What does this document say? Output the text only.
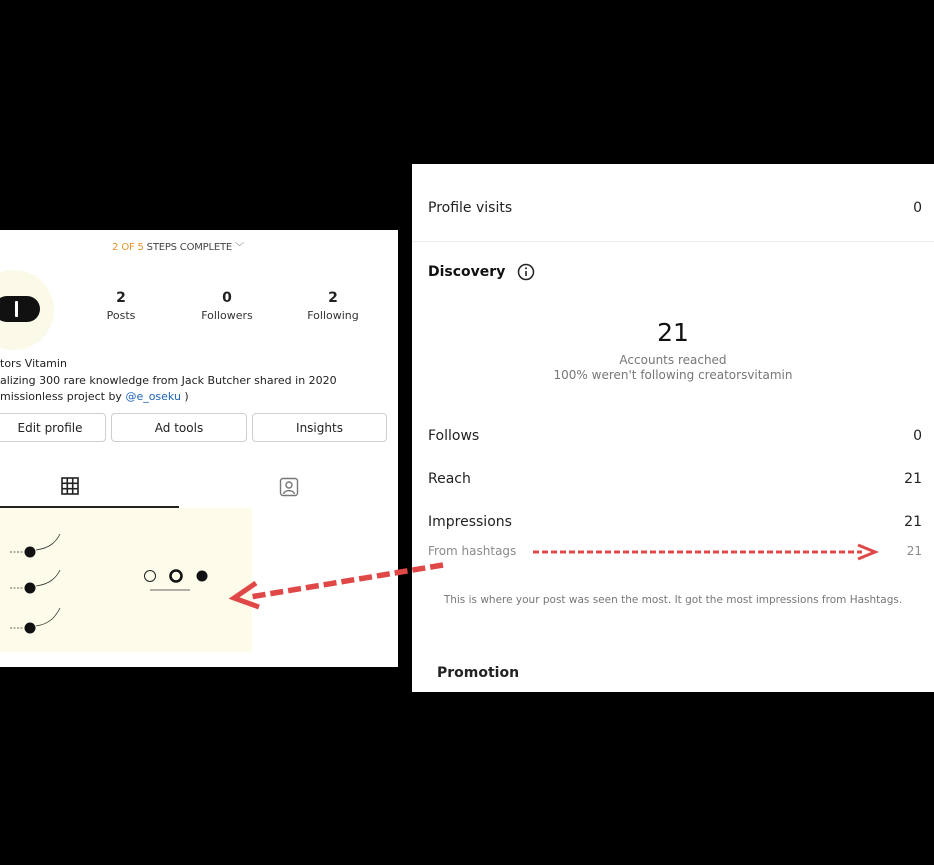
2 OF 5 STEPS COMPLETE ﹀
2
Posts
0
Followers
2
Following
tors Vitamin
alizing 300 rare knowledge from Jack Butcher shared in 2020
missionless project by @e_oseku )
Edit profile	Ad tools	Insights
Profile visits	0
Discovery
21
Accounts reached
100% weren't following creatorsvitamin
Follows	0
Reach	21
Impressions	21
From hashtags	21
This is where your post was seen the most. It got the most impressions from Hashtags.
Promotion
